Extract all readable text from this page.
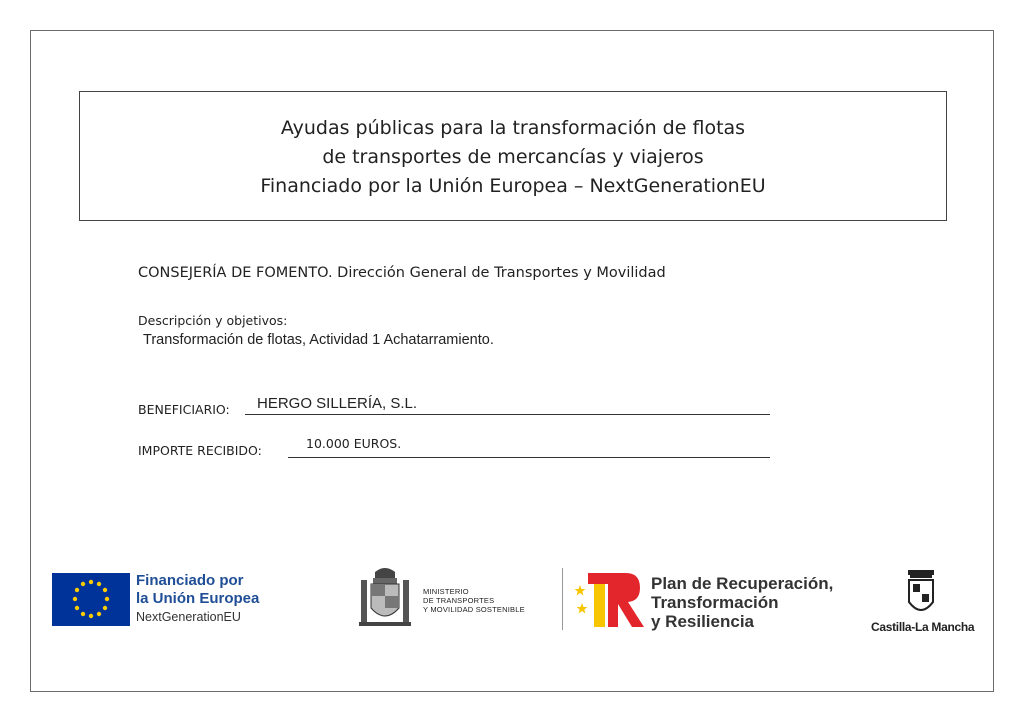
Ayudas públicas para la transformación de flotas
de transportes de mercancías y viajeros
Financiado por la Unión Europea – NextGenerationEU
CONSEJERÍA DE FOMENTO. Dirección General de Transportes y Movilidad
Descripción y objetivos:
Transformación de flotas, Actividad 1 Achatarramiento.
BENEFICIARIO: HERGO SILLERÍA, S.L.
IMPORTE RECIBIDO:	10.000 EUROS.
Financiado por
la Unión Europea
NextGenerationEU
MINISTERIO
DE TRANSPORTES
Y MOVILIDAD SOSTENIBLE
Plan de Recuperación,
Transformación
y Resiliencia	Castilla-La Mancha
